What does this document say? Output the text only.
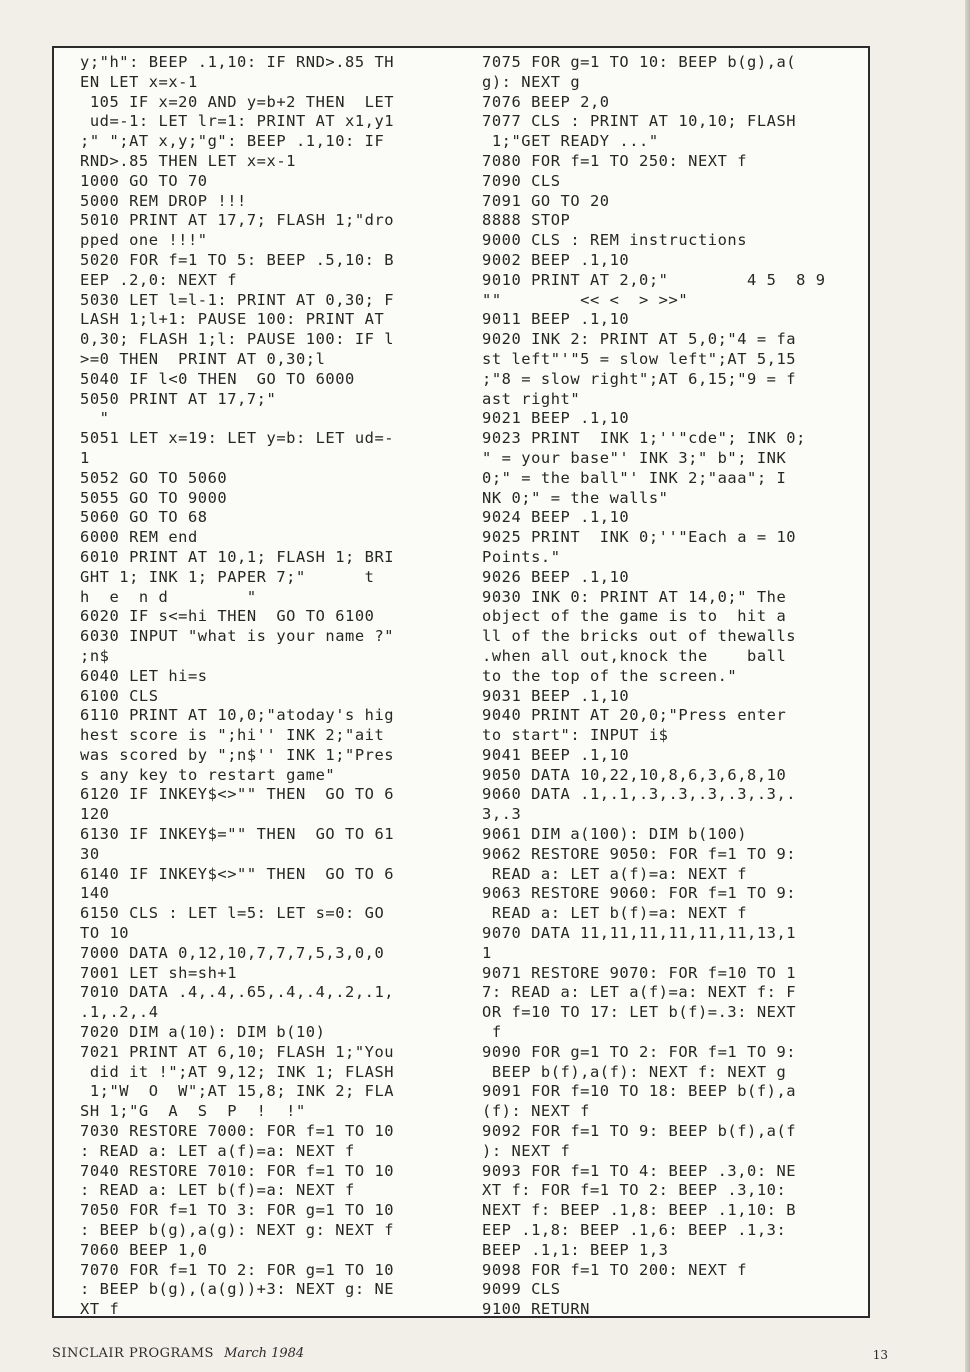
y;"h": BEEP .1,10: IF RND>.85 TH
EN LET x=x-1
105 IF x=20 AND y=b+2 THEN  LET
ud=-1: LET lr=1: PRINT AT x1,y1
;" ";AT x,y;"g": BEEP .1,10: IF
RND>.85 THEN LET x=x-1
1000 GO TO 70
5000 REM DROP !!!
5010 PRINT AT 17,7; FLASH 1;"dro
pped one !!!"
5020 FOR f=1 TO 5: BEEP .5,10: B
EEP .2,0: NEXT f
5030 LET l=l-1: PRINT AT 0,30; F
LASH 1;l+1: PAUSE 100: PRINT AT
0,30; FLASH 1;l: PAUSE 100: IF l
>=0 THEN  PRINT AT 0,30;l
5040 IF l<0 THEN  GO TO 6000
5050 PRINT AT 17,7;"
"
5051 LET x=19: LET y=b: LET ud=-
1
5052 GO TO 5060
5055 GO TO 9000
5060 GO TO 68
6000 REM end
6010 PRINT AT 10,1; FLASH 1; BRI
GHT 1; INK 1; PAPER 7;"      t
h  e  n d        "
6020 IF s<=hi THEN  GO TO 6100
6030 INPUT "what is your name ?"
;n$
6040 LET hi=s
6100 CLS
6110 PRINT AT 10,0;"atoday's hig
hest score is ";hi'' INK 2;"ait
was scored by ";n$'' INK 1;"Pres
s any key to restart game"
6120 IF INKEY$<>"" THEN  GO TO 6
120
6130 IF INKEY$="" THEN  GO TO 61
30
6140 IF INKEY$<>"" THEN  GO TO 6
140
6150 CLS : LET l=5: LET s=0: GO
TO 10
7000 DATA 0,12,10,7,7,7,5,3,0,0
7001 LET sh=sh+1
7010 DATA .4,.4,.65,.4,.4,.2,.1,
.1,.2,.4
7020 DIM a(10): DIM b(10)
7021 PRINT AT 6,10; FLASH 1;"You
did it !";AT 9,12; INK 1; FLASH
1;"W  O  W";AT 15,8; INK 2; FLA
SH 1;"G  A  S  P  !  !"
7030 RESTORE 7000: FOR f=1 TO 10
: READ a: LET a(f)=a: NEXT f
7040 RESTORE 7010: FOR f=1 TO 10
: READ a: LET b(f)=a: NEXT f
7050 FOR f=1 TO 3: FOR g=1 TO 10
: BEEP b(g),a(g): NEXT g: NEXT f
7060 BEEP 1,0
7070 FOR f=1 TO 2: FOR g=1 TO 10
: BEEP b(g),(a(g))+3: NEXT g: NE
XT f
7075 FOR g=1 TO 10: BEEP b(g),a(
g): NEXT g
7076 BEEP 2,0
7077 CLS : PRINT AT 10,10; FLASH
1;"GET READY ..."
7080 FOR f=1 TO 250: NEXT f
7090 CLS
7091 GO TO 20
8888 STOP
9000 CLS : REM instructions
9002 BEEP .1,10
9010 PRINT AT 2,0;"        4 5  8 9
""        << <  > >>"
9011 BEEP .1,10
9020 INK 2: PRINT AT 5,0;"4 = fa
st left"'"5 = slow left";AT 5,15
;"8 = slow right";AT 6,15;"9 = f
ast right"
9021 BEEP .1,10
9023 PRINT  INK 1;''"cde"; INK 0;
" = your base"' INK 3;" b"; INK
0;" = the ball"' INK 2;"aaa"; I
NK 0;" = the walls"
9024 BEEP .1,10
9025 PRINT  INK 0;''"Each a = 10
Points."
9026 BEEP .1,10
9030 INK 0: PRINT AT 14,0;" The
object of the game is to  hit a
ll of the bricks out of thewalls
.when all out,knock the    ball
to the top of the screen."
9031 BEEP .1,10
9040 PRINT AT 20,0;"Press enter
to start": INPUT i$
9041 BEEP .1,10
9050 DATA 10,22,10,8,6,3,6,8,10
9060 DATA .1,.1,.3,.3,.3,.3,.3,.
3,.3
9061 DIM a(100): DIM b(100)
9062 RESTORE 9050: FOR f=1 TO 9:
READ a: LET a(f)=a: NEXT f
9063 RESTORE 9060: FOR f=1 TO 9:
READ a: LET b(f)=a: NEXT f
9070 DATA 11,11,11,11,11,11,13,1
1
9071 RESTORE 9070: FOR f=10 TO 1
7: READ a: LET a(f)=a: NEXT f: F
OR f=10 TO 17: LET b(f)=.3: NEXT
f
9090 FOR g=1 TO 2: FOR f=1 TO 9:
BEEP b(f),a(f): NEXT f: NEXT g
9091 FOR f=10 TO 18: BEEP b(f),a
(f): NEXT f
9092 FOR f=1 TO 9: BEEP b(f),a(f
): NEXT f
9093 FOR f=1 TO 4: BEEP .3,0: NE
XT f: FOR f=1 TO 2: BEEP .3,10:
NEXT f: BEEP .1,8: BEEP .1,10: B
EEP .1,8: BEEP .1,6: BEEP .1,3:
BEEP .1,1: BEEP 1,3
9098 FOR f=1 TO 200: NEXT f
9099 CLS
9100 RETURN
SINCLAIR PROGRAMS March 1984	13
